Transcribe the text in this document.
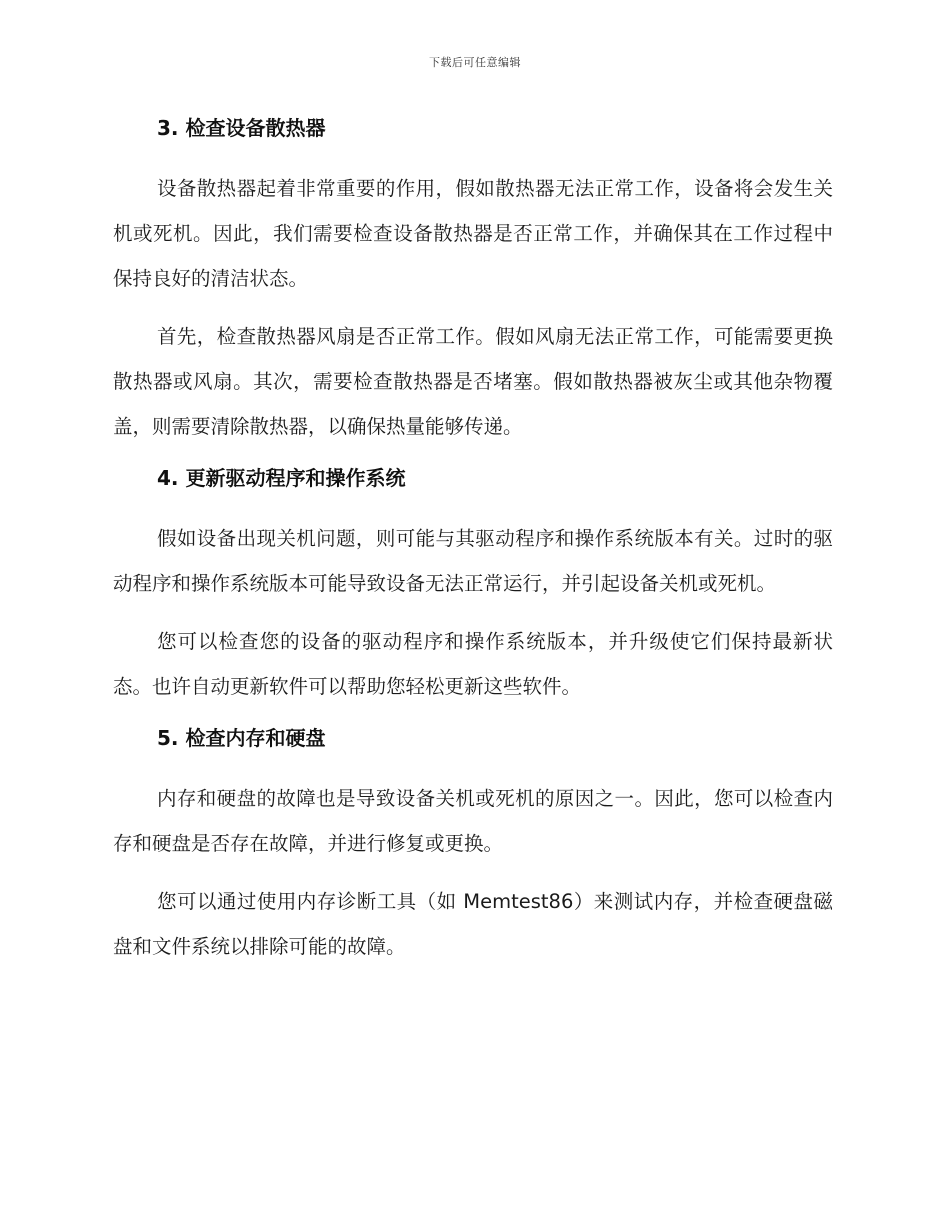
下载后可任意编辑
3. 检查设备散热器

设备散热器起着非常重要的作用，假如散热器无法正常工作，设备将会发生关机或死机。因此，我们需要检查设备散热器是否正常工作，并确保其在工作过程中保持良好的清洁状态。

首先，检查散热器风扇是否正常工作。假如风扇无法正常工作，可能需要更换散热器或风扇。其次，需要检查散热器是否堵塞。假如散热器被灰尘或其他杂物覆盖，则需要清除散热器，以确保热量能够传递。

4. 更新驱动程序和操作系统

假如设备出现关机问题，则可能与其驱动程序和操作系统版本有关。过时的驱动程序和操作系统版本可能导致设备无法正常运行，并引起设备关机或死机。

您可以检查您的设备的驱动程序和操作系统版本，并升级使它们保持最新状态。也许自动更新软件可以帮助您轻松更新这些软件。

5. 检查内存和硬盘

内存和硬盘的故障也是导致设备关机或死机的原因之一。因此，您可以检查内存和硬盘是否存在故障，并进行修复或更换。

您可以通过使用内存诊断工具（如 Memtest86）来测试内存，并检查硬盘磁盘和文件系统以排除可能的故障。
